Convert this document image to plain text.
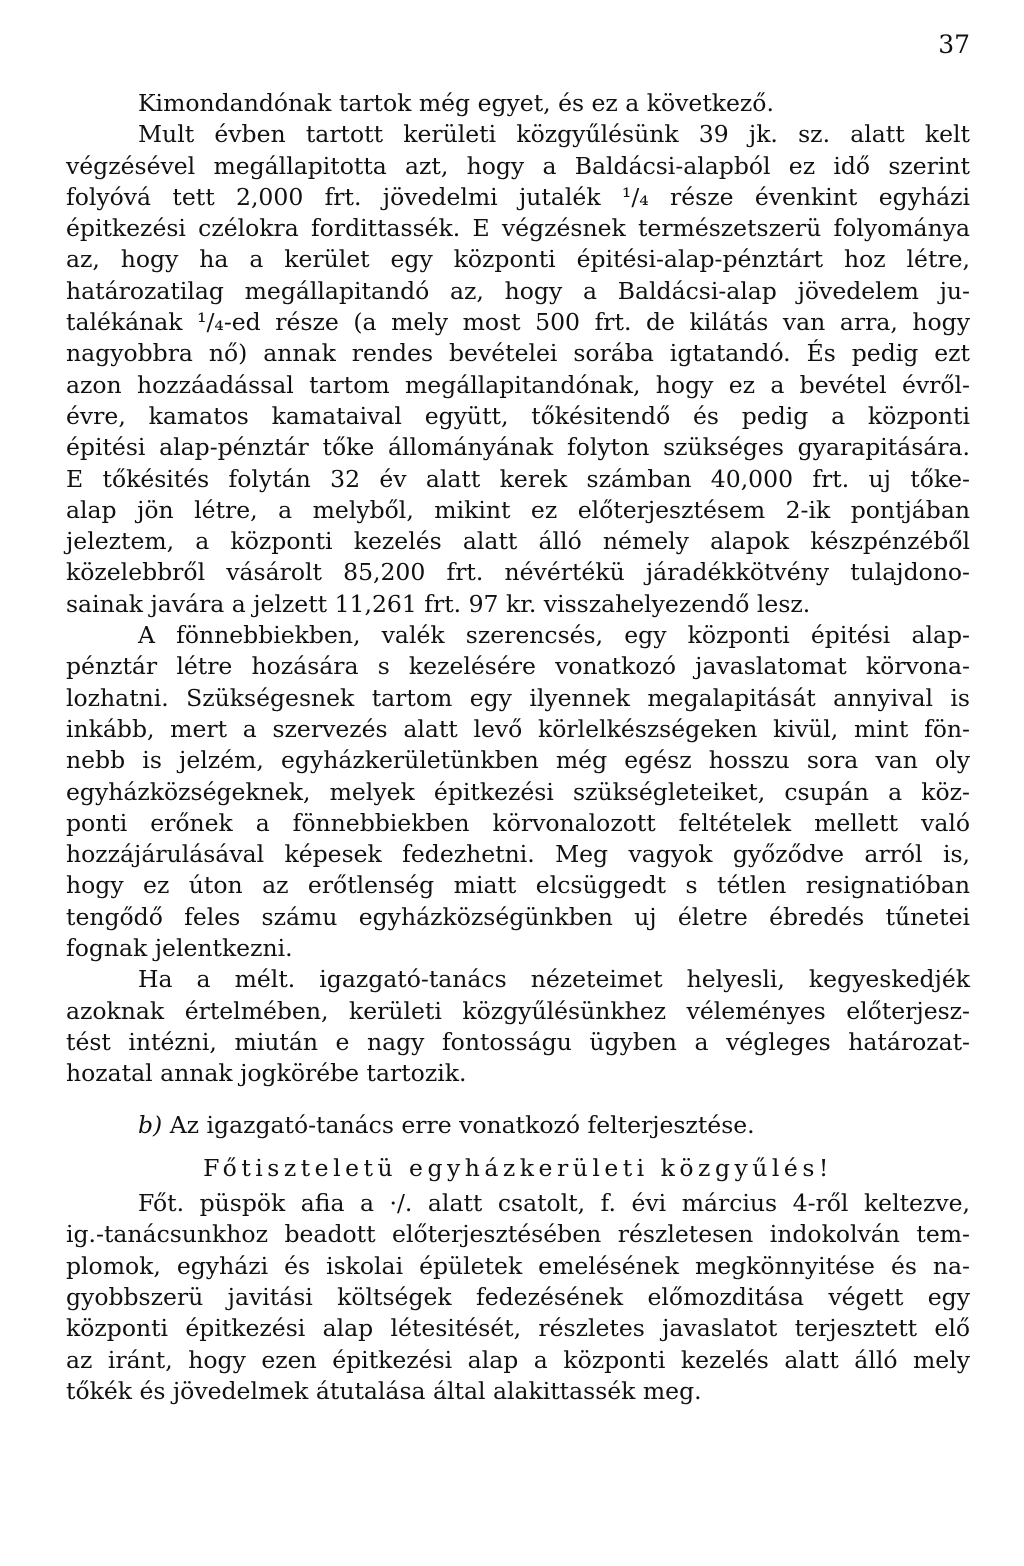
37
Kimondandónak tartok még egyet, és ez a következő.
Mult évben tartott kerületi közgyűlésünk 39 jk. sz. alatt kelt
végzésével megállapitotta azt, hogy a Baldácsi-alapból ez idő szerint
folyóvá tett 2,000 frt. jövedelmi jutalék ¹/₄ része évenkint egyházi
épitkezési czélokra fordittassék. E végzésnek természetszerü folyománya
az, hogy ha a kerület egy központi épitési-alap-pénztárt hoz létre,
határozatilag megállapitandó az, hogy a Baldácsi-alap jövedelem ju-
talékának ¹/₄-ed része (a mely most 500 frt. de kilátás van arra, hogy
nagyobbra nő) annak rendes bevételei sorába igtatandó. És pedig ezt
azon hozzáadással tartom megállapitandónak, hogy ez a bevétel évről-
évre, kamatos kamataival együtt, tőkésitendő és pedig a központi
épitési alap-pénztár tőke állományának folyton szükséges gyarapitására.
E tőkésités folytán 32 év alatt kerek számban 40,000 frt. uj tőke-
alap jön létre, a melyből, mikint ez előterjesztésem 2-ik pontjában
jeleztem, a központi kezelés alatt álló némely alapok készpénzéből
közelebbről vásárolt 85,200 frt. névértékü járadékkötvény tulajdono-
sainak javára a jelzett 11,261 frt. 97 kr. visszahelyezendő lesz.
A fönnebbiekben, valék szerencsés, egy központi épitési alap-
pénztár létre hozására s kezelésére vonatkozó javaslatomat körvona-
lozhatni. Szükségesnek tartom egy ilyennek megalapitását annyival is
inkább, mert a szervezés alatt levő körlelkészségeken kivül, mint fön-
nebb is jelzém, egyházkerületünkben még egész hosszu sora van oly
egyházközségeknek, melyek épitkezési szükségleteiket, csupán a köz-
ponti erőnek a fönnebbiekben körvonalozott feltételek mellett való
hozzájárulásával képesek fedezhetni. Meg vagyok győződve arról is,
hogy ez úton az erőtlenség miatt elcsüggedt s tétlen resignatióban
tengődő feles számu egyházközségünkben uj életre ébredés tűnetei
fognak jelentkezni.
Ha a mélt. igazgató-tanács nézeteimet helyesli, kegyeskedjék
azoknak értelmében, kerületi közgyűlésünkhez véleményes előterjesz-
tést intézni, miután e nagy fontosságu ügyben a végleges határozat-
hozatal annak jogkörébe tartozik.
b) Az igazgató-tanács erre vonatkozó felterjesztése.
Főtiszteletü egyházkerületi közgyűlés!
Főt. püspök afia a ·/. alatt csatolt, f. évi március 4-ről keltezve,
ig.-tanácsunkhoz beadott előterjesztésében részletesen indokolván tem-
plomok, egyházi és iskolai épületek emelésének megkönnyitése és na-
gyobbszerü javitási költségek fedezésének előmozditása végett egy
központi épitkezési alap létesitését, részletes javaslatot terjesztett elő
az iránt, hogy ezen épitkezési alap a központi kezelés alatt álló mely
tőkék és jövedelmek átutalása által alakittassék meg.
